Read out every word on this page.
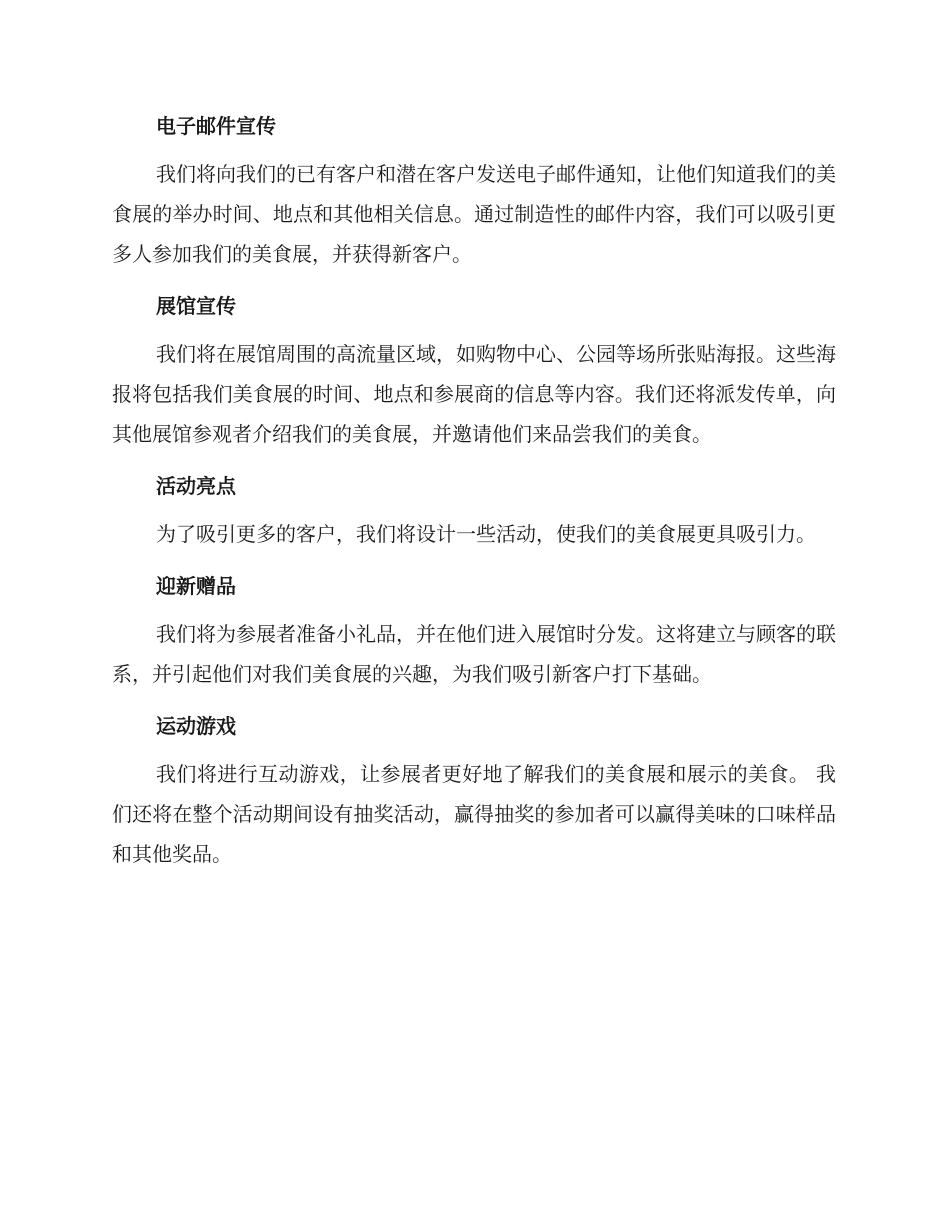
电子邮件宣传
我们将向我们的已有客户和潜在客户发送电子邮件通知，让他们知道我们的美食展的举办时间、地点和其他相关信息。通过制造性的邮件内容，我们可以吸引更多人参加我们的美食展，并获得新客户。
展馆宣传
我们将在展馆周围的高流量区域，如购物中心、公园等场所张贴海报。这些海报将包括我们美食展的时间、地点和参展商的信息等内容。我们还将派发传单，向其他展馆参观者介绍我们的美食展，并邀请他们来品尝我们的美食。
活动亮点
为了吸引更多的客户，我们将设计一些活动，使我们的美食展更具吸引力。
迎新赠品
我们将为参展者准备小礼品，并在他们进入展馆时分发。这将建立与顾客的联系，并引起他们对我们美食展的兴趣，为我们吸引新客户打下基础。
运动游戏
我们将进行互动游戏，让参展者更好地了解我们的美食展和展示的美食。 我们还将在整个活动期间设有抽奖活动，赢得抽奖的参加者可以赢得美味的口味样品和其他奖品。
